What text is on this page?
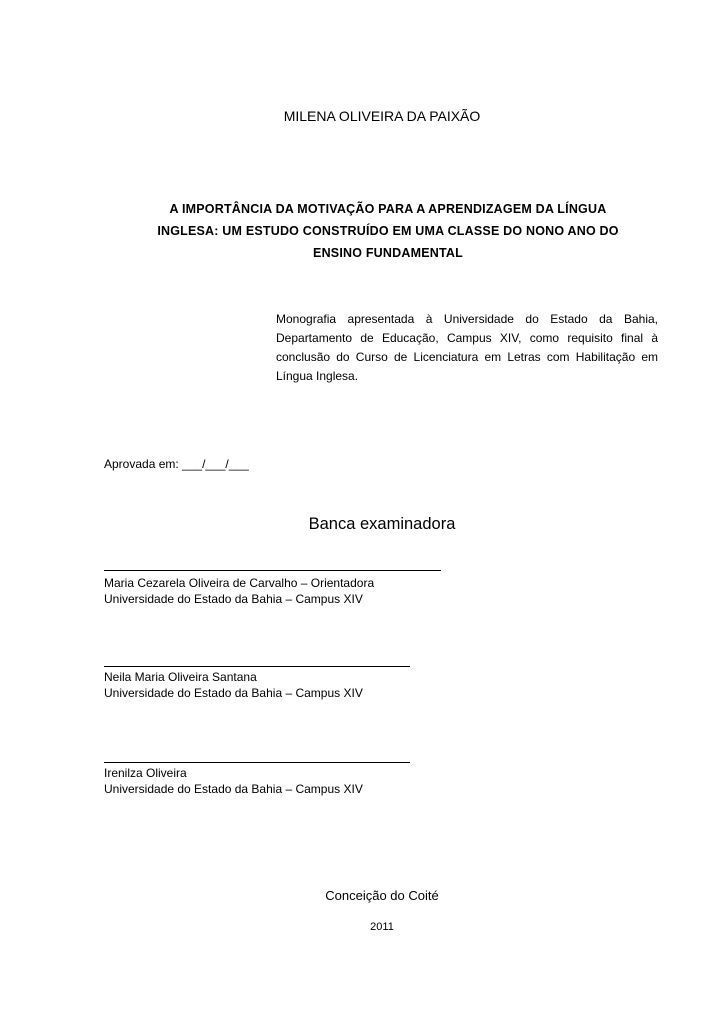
MILENA OLIVEIRA DA PAIXÃO
A IMPORTÂNCIA DA MOTIVAÇÃO PARA A APRENDIZAGEM DA LÍNGUA
INGLESA: UM ESTUDO CONSTRUÍDO EM UMA CLASSE DO NONO ANO DO
ENSINO FUNDAMENTAL
Monografia apresentada à Universidade do Estado da Bahia, Departamento de Educação, Campus XIV, como requisito final à conclusão do Curso de Licenciatura em Letras com Habilitação em Língua Inglesa.
Aprovada em: ___/___/___
Banca examinadora
Maria Cezarela Oliveira de Carvalho – Orientadora
Universidade do Estado da Bahia – Campus XIV
Neila Maria Oliveira Santana
Universidade do Estado da Bahia – Campus XIV
Irenilza Oliveira
Universidade do Estado da Bahia – Campus XIV
Conceição do Coité
2011
